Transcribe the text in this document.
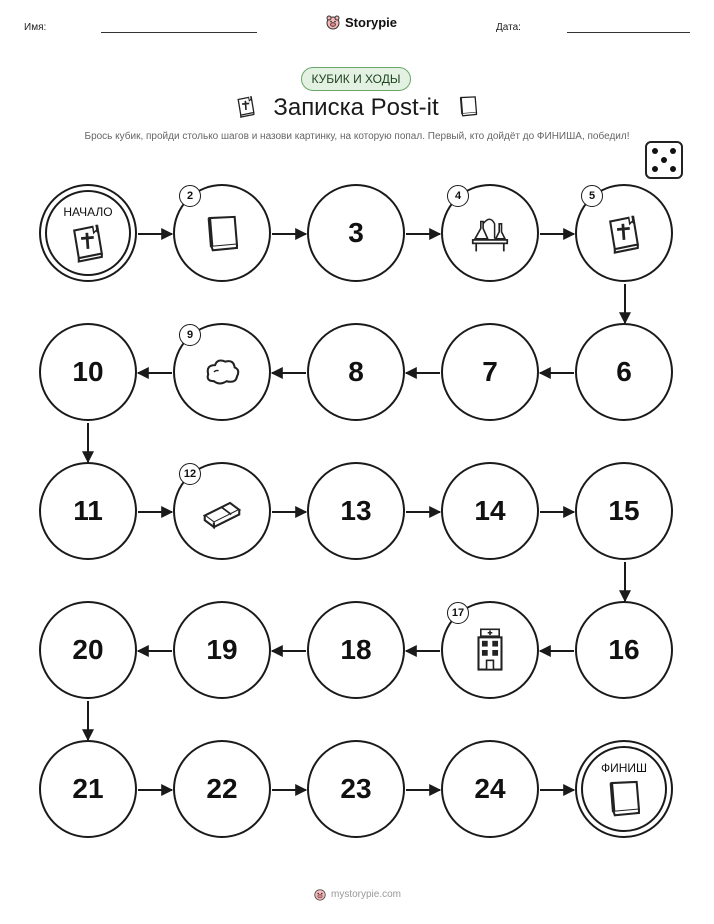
Имя:	Storypie	Дата:
КУБИК И ХОДЫ
Записка Post-it
Брось кубик, пройди столько шагов и назови картинку, на которую попал. Первый, кто дойдёт до ФИНИША, победил!
НАЧАЛО
2
3
4	5
10
9
8	7	6
11
12
13	14	15
20	19	18
17
16
21	22	23	24
ФИНИШ
mystorypie.com
